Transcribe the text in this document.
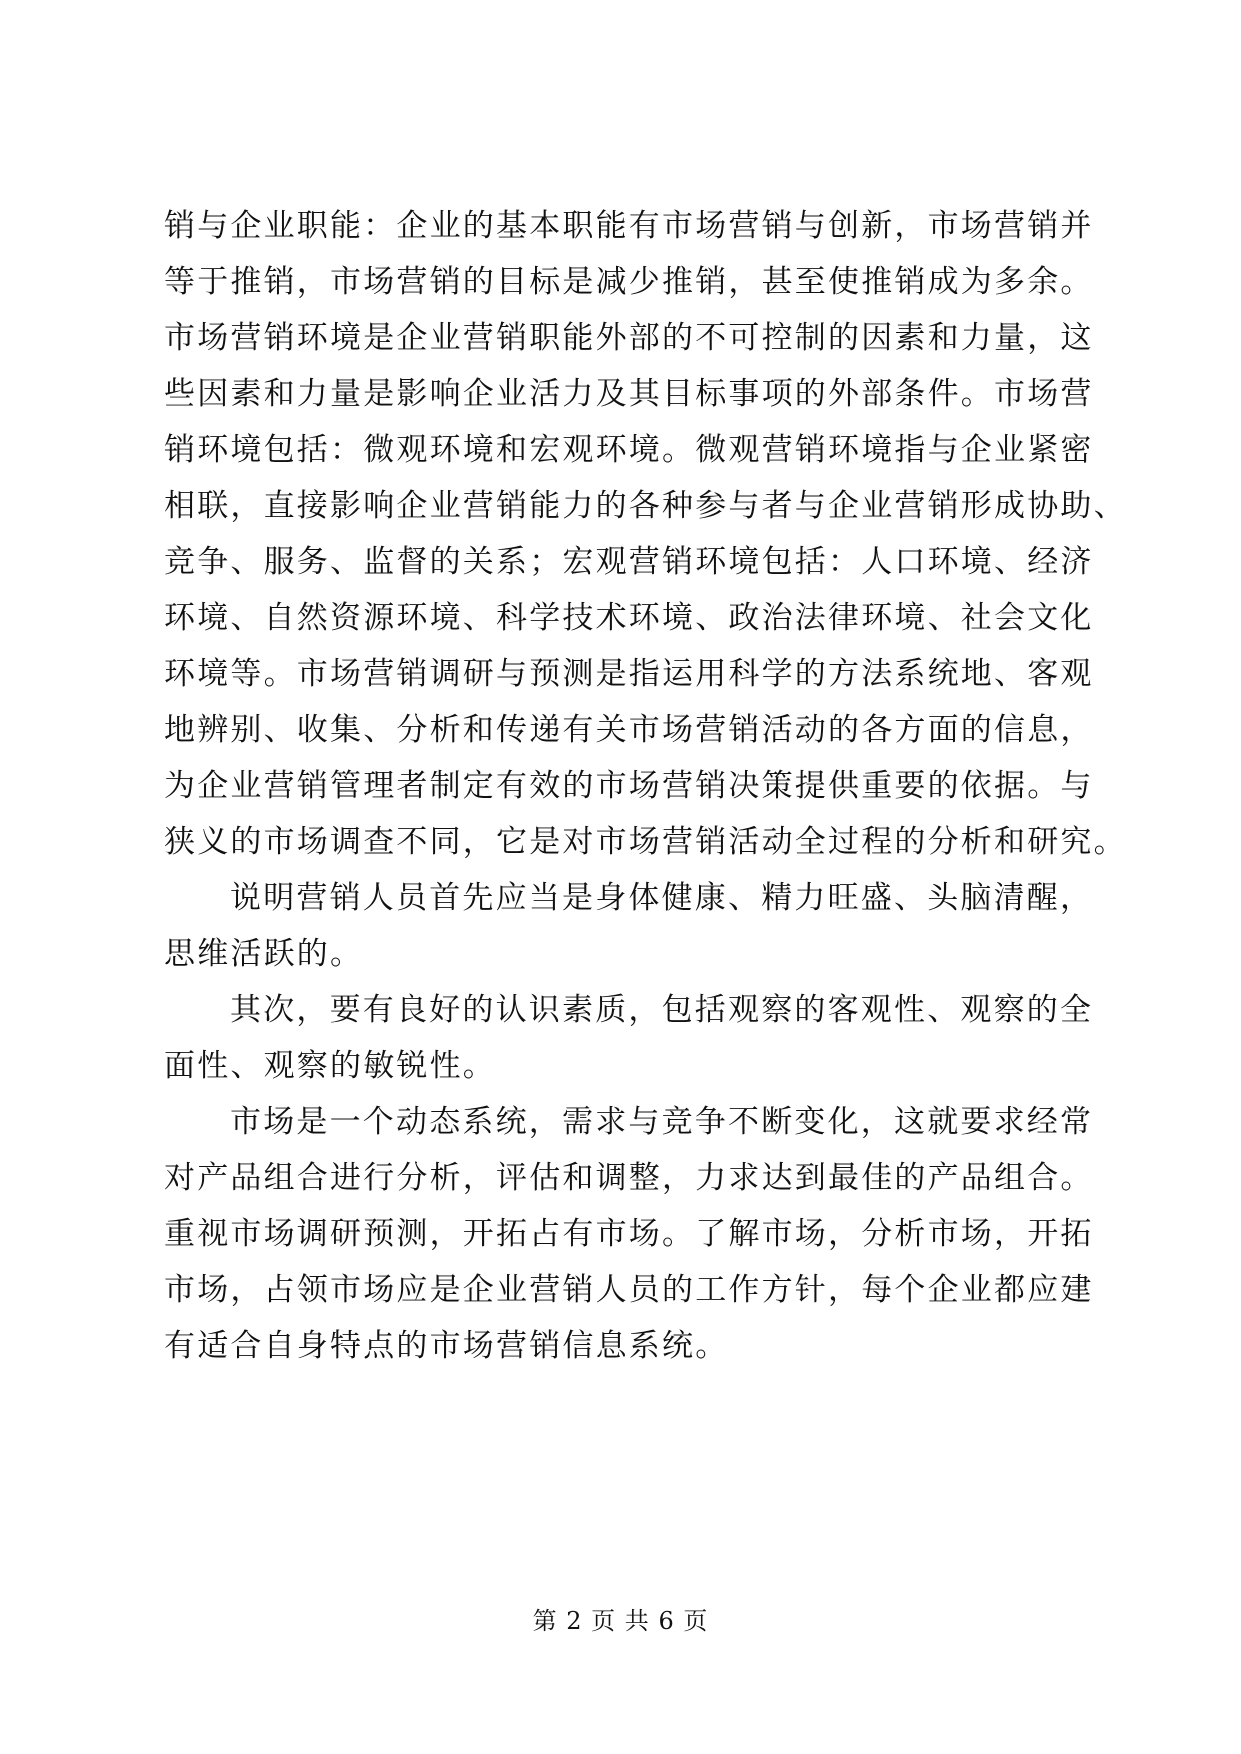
销与企业职能：企业的基本职能有市场营销与创新，市场营销并
等于推销，市场营销的目标是减少推销，甚至使推销成为多余。
市场营销环境是企业营销职能外部的不可控制的因素和力量，这
些因素和力量是影响企业活力及其目标事项的外部条件。市场营
销环境包括：微观环境和宏观环境。微观营销环境指与企业紧密
相联，直接影响企业营销能力的各种参与者与企业营销形成协助、
竞争、服务、监督的关系；宏观营销环境包括：人口环境、经济
环境、自然资源环境、科学技术环境、政治法律环境、社会文化
环境等。市场营销调研与预测是指运用科学的方法系统地、客观
地辨别、收集、分析和传递有关市场营销活动的各方面的信息，
为企业营销管理者制定有效的市场营销决策提供重要的依据。与
狭义的市场调查不同，它是对市场营销活动全过程的分析和研究。
说明营销人员首先应当是身体健康、精力旺盛、头脑清醒，
思维活跃的。
其次，要有良好的认识素质，包括观察的客观性、观察的全
面性、观察的敏锐性。
市场是一个动态系统，需求与竞争不断变化，这就要求经常
对产品组合进行分析，评估和调整，力求达到最佳的产品组合。
重视市场调研预测，开拓占有市场。了解市场，分析市场，开拓
市场，占领市场应是企业营销人员的工作方针，每个企业都应建
有适合自身特点的市场营销信息系统。
第 2 页 共 6 页
